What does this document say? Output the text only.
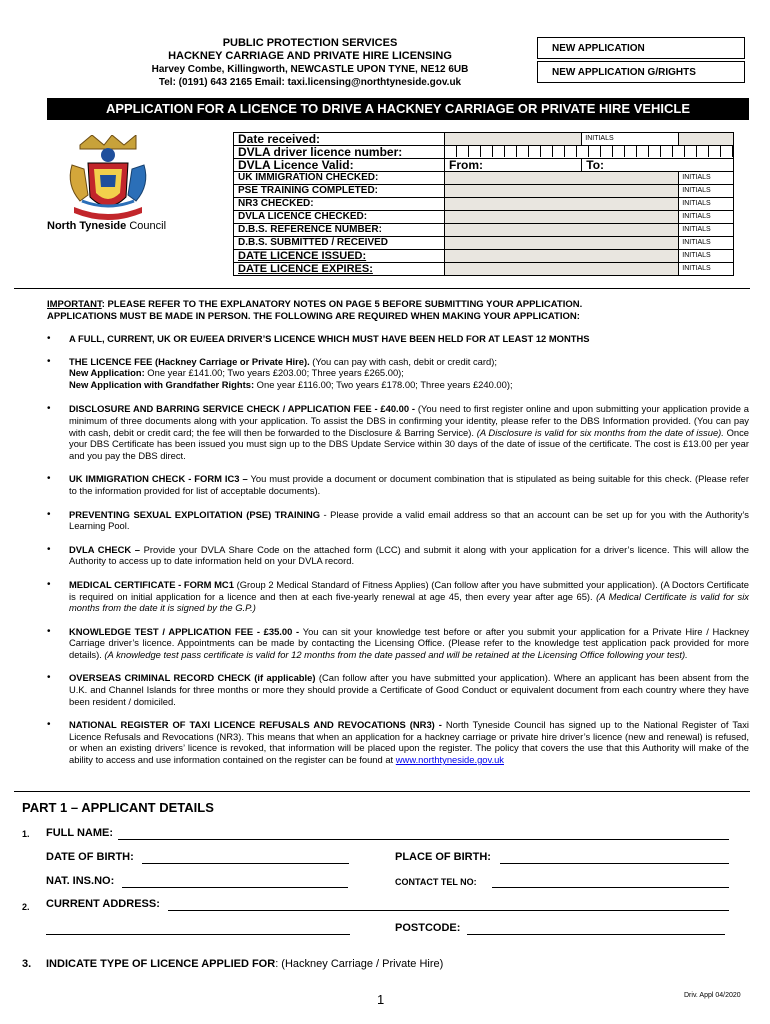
PUBLIC PROTECTION SERVICES
HACKNEY CARRIAGE AND PRIVATE HIRE LICENSING
Harvey Combe, Killingworth, NEWCASTLE UPON TYNE, NE12 6UB
Tel: (0191) 643 2165 Email: taxi.licensing@northtyneside.gov.uk
NEW APPLICATION
NEW APPLICATION G/RIGHTS
APPLICATION FOR A LICENCE TO DRIVE A HACKNEY CARRIAGE OR PRIVATE HIRE VEHICLE
North Tyneside Council
Date received:		INITIALS	
DVLA driver licence number:			

DVLA Licence Valid:	From:	To:	
UK IMMIGRATION CHECKED:			INITIALS
PSE TRAINING COMPLETED:			INITIALS
NR3 CHECKED:			INITIALS
DVLA LICENCE CHECKED:			INITIALS
D.B.S. REFERENCE NUMBER:			INITIALS
D.B.S. SUBMITTED / RECEIVED			INITIALS
DATE LICENCE ISSUED:			INITIALS
DATE LICENCE EXPIRES:			INITIALS
IMPORTANT: PLEASE REFER TO THE EXPLANATORY NOTES ON PAGE 5 BEFORE SUBMITTING YOUR APPLICATION.
APPLICATIONS MUST BE MADE IN PERSON. THE FOLLOWING ARE REQUIRED WHEN MAKING YOUR APPLICATION:
• A FULL, CURRENT, UK OR EU/EEA DRIVER’S LICENCE WHICH MUST HAVE BEEN HELD FOR AT LEAST 12 MONTHS
• THE LICENCE FEE (Hackney Carriage or Private Hire). (You can pay with cash, debit or credit card);
New Application: One year £141.00; Two years £203.00; Three years £265.00);
New Application with Grandfather Rights: One year £116.00; Two years £178.00; Three years £240.00);
• DISCLOSURE AND BARRING SERVICE CHECK / APPLICATION FEE - £40.00 - (You need to first register online and upon submitting your application provide a minimum of three documents along with your application. To assist the DBS in confirming your identity, please refer to the DBS Information provided. (You can pay with cash, debit or credit card; the fee will then be forwarded to the Disclosure & Barring Service). (A Disclosure is valid for six months from the date of issue). Once your DBS Certificate has been issued you must sign up to the DBS Update Service within 30 days of the date of issue of the certificate. The cost is £13.00 per year and you pay the DBS direct.
• UK IMMIGRATION CHECK - FORM IC3 – You must provide a document or document combination that is stipulated as being suitable for this check. (Please refer to the information provided for list of acceptable documents).
• PREVENTING SEXUAL EXPLOITATION (PSE) TRAINING - Please provide a valid email address so that an account can be set up for you with the Authority’s Learning Pool.
• DVLA CHECK – Provide your DVLA Share Code on the attached form (LCC) and submit it along with your application for a driver’s licence. This will allow the Authority to access up to date information held on your DVLA record.
• MEDICAL CERTIFICATE - FORM MC1 (Group 2 Medical Standard of Fitness Applies) (Can follow after you have submitted your application). (A Doctors Certificate is required on initial application for a licence and then at each five-yearly renewal at age 45, then every year after age 65). (A Medical Certificate is valid for six months from the date it is signed by the G.P.)
• KNOWLEDGE TEST / APPLICATION FEE - £35.00 - You can sit your knowledge test before or after you submit your application for a Private Hire / Hackney Carriage driver’s licence. Appointments can be made by contacting the Licensing Office. (Please refer to the knowledge test application pack provided for more details). (A knowledge test pass certificate is valid for 12 months from the date passed and will be retained at the Licensing Office following your test).
• OVERSEAS CRIMINAL RECORD CHECK (if applicable) (Can follow after you have submitted your application). Where an applicant has been absent from the U.K. and Channel Islands for three months or more they should provide a Certificate of Good Conduct or equivalent document from each country where they have been resident / domiciled.
• NATIONAL REGISTER OF TAXI LICENCE REFUSALS AND REVOCATIONS (NR3) - North Tyneside Council has signed up to the National Register of Taxi Licence Refusals and Revocations (NR3). This means that when an application for a hackney carriage or private hire driver’s licence (new and renewal) is refused, or when an existing drivers’ licence is revoked, that information will be placed upon the register. The policy that covers the use that this Authority will make of the ability to access and use information contained on the register can be found at www.northtyneside.gov.uk
PART 1 – APPLICANT DETAILS
1. FULL NAME:
DATE OF BIRTH:	PLACE OF BIRTH:
NAT. INS.NO:	CONTACT TEL NO:
2. CURRENT ADDRESS:
POSTCODE:
3. INDICATE TYPE OF LICENCE APPLIED FOR: (Hackney Carriage / Private Hire)
1	Driv. Appl 04/2020
